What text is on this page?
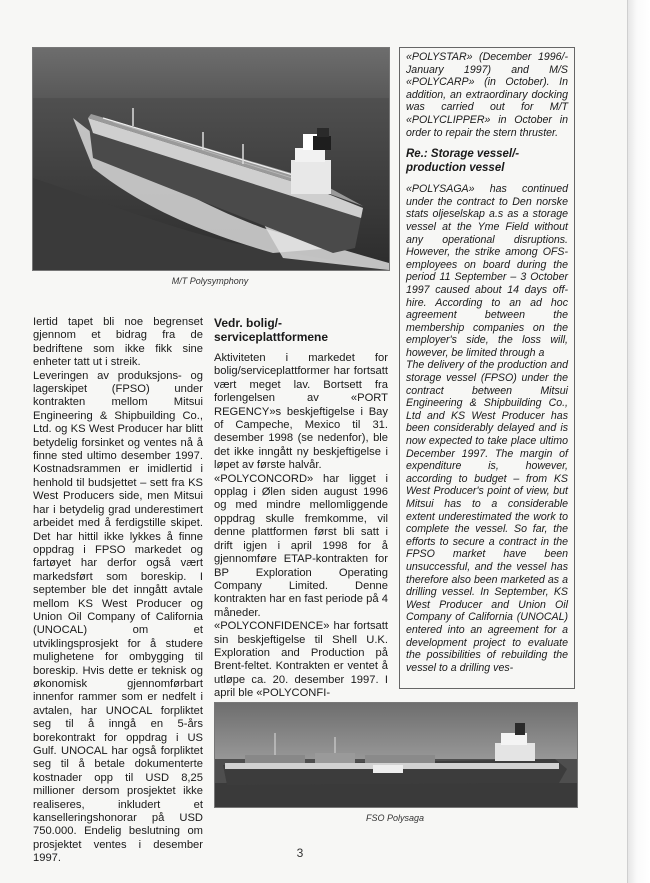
M/T Polysymphony

Iertid tapet bli noe begrenset gjennom et bidrag fra de bedriftene som ikke fikk sine enheter tatt ut i streik.

Leveringen av produksjons- og lagerskipet (FPSO) under kontrakten mellom Mitsui Engineering & Shipbuilding Co., Ltd. og KS West Producer har blitt betydelig forsinket og ventes nå å finne sted ultimo desember 1997. Kostnadsrammen er imidlertid i henhold til budsjettet – sett fra KS West Producers side, men Mitsui har i betydelig grad underestimert arbeidet med å ferdigstille skipet. Det har hittil ikke lykkes å finne oppdrag i FPSO markedet og fartøyet har derfor også vært markedsført som boreskip. I september ble det inngått avtale mellom KS West Producer og Union Oil Company of California (UNOCAL) om et utviklingsprosjekt for å studere mulighetene for ombygging til boreskip. Hvis dette er teknisk og økonomisk gjennomførbart innenfor rammer som er nedfelt i avtalen, har UNOCAL forpliktet seg til å inngå en 5-års borekontrakt for oppdrag i US Gulf. UNOCAL har også forpliktet seg til å betale dokumenterte kostnader opp til USD 8,25 millioner dersom prosjektet ikke realiseres, inkludert et kanselleringshonorar på USD 750.000. Endelig beslutning om prosjektet ventes i desember 1997.

Vedr. bolig/-serviceplattformene

Aktiviteten i markedet for bolig/serviceplattformer har fortsatt vært meget lav. Bortsett fra forlengelsen av «PORT REGENCY»s beskjeftigelse i Bay of Campeche, Mexico til 31. desember 1998 (se nedenfor), ble det ikke inngått ny beskjeftigelse i løpet av første halvår.

«POLYCONCORD» har ligget i opplag i Ølen siden august 1996 og med mindre mellomliggende oppdrag skulle fremkomme, vil denne plattformen først bli satt i drift igjen i april 1998 for å gjennomføre ETAP-kontrakten for BP Exploration Operating Company Limited. Denne kontrakten har en fast periode på 4 måneder.

«POLYCONFIDENCE» har fortsatt sin beskjeftigelse til Shell U.K. Exploration and Production på Brent-feltet. Kontrakten er ventet å utløpe ca. 20. desember 1997. I april ble «POLYCONFI-

«POLYSTAR» (December 1996/-January 1997) and M/S «POLYCARP» (in October). In addition, an extraordinary docking was carried out for M/T «POLYCLIPPER» in October in order to repair the stern thruster.

Re.: Storage vessel/-production vessel

«POLYSAGA» has continued under the contract to Den norske stats oljeselskap a.s as a storage vessel at the Yme Field without any operational disruptions. However, the strike among OFS-employees on board during the period 11 September – 3 October 1997 caused about 14 days off-hire. According to an ad hoc agreement between the membership companies on the employer's side, the loss will, however, be limited through a

The delivery of the production and storage vessel (FPSO) under the contract between Mitsui Engineering & Shipbuilding Co., Ltd and KS West Producer has been considerably delayed and is now expected to take place ultimo December 1997. The margin of expenditure is, however, according to budget – from KS West Producer's point of view, but Mitsui has to a considerable extent underestimated the work to complete the vessel. So far, the efforts to secure a contract in the FPSO market have been unsuccessful, and the vessel has therefore also been marketed as a drilling vessel. In September, KS West Producer and Union Oil Company of California (UNOCAL) entered into an agreement for a development project to evaluate the possibilities of rebuilding the vessel to a drilling ves-

FSO Polysaga
3
